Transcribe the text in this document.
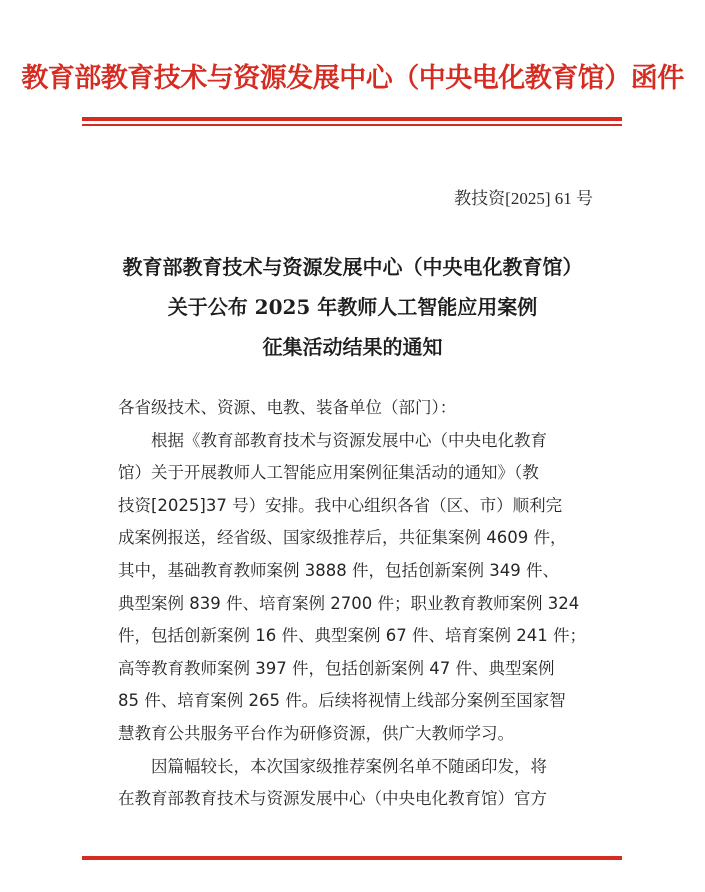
教育部教育技术与资源发展中心（中央电化教育馆）函件
教技资[2025] 61 号
教育部教育技术与资源发展中心（中央电化教育馆）
关于公布 2025 年教师人工智能应用案例
征集活动结果的通知
各省级技术、资源、电教、装备单位（部门）：
根据《教育部教育技术与资源发展中心（中央电化教育
馆）关于开展教师人工智能应用案例征集活动的通知》（教
技资[2025]37 号）安排。我中心组织各省（区、市）顺利完
成案例报送，经省级、国家级推荐后，共征集案例 4609 件，
其中，基础教育教师案例 3888 件，包括创新案例 349 件、
典型案例 839 件、培育案例 2700 件；职业教育教师案例 324
件，包括创新案例 16 件、典型案例 67 件、培育案例 241 件；
高等教育教师案例 397 件，包括创新案例 47 件、典型案例
85 件、培育案例 265 件。后续将视情上线部分案例至国家智
慧教育公共服务平台作为研修资源，供广大教师学习。
因篇幅较长，本次国家级推荐案例名单不随函印发，将
在教育部教育技术与资源发展中心（中央电化教育馆）官方
